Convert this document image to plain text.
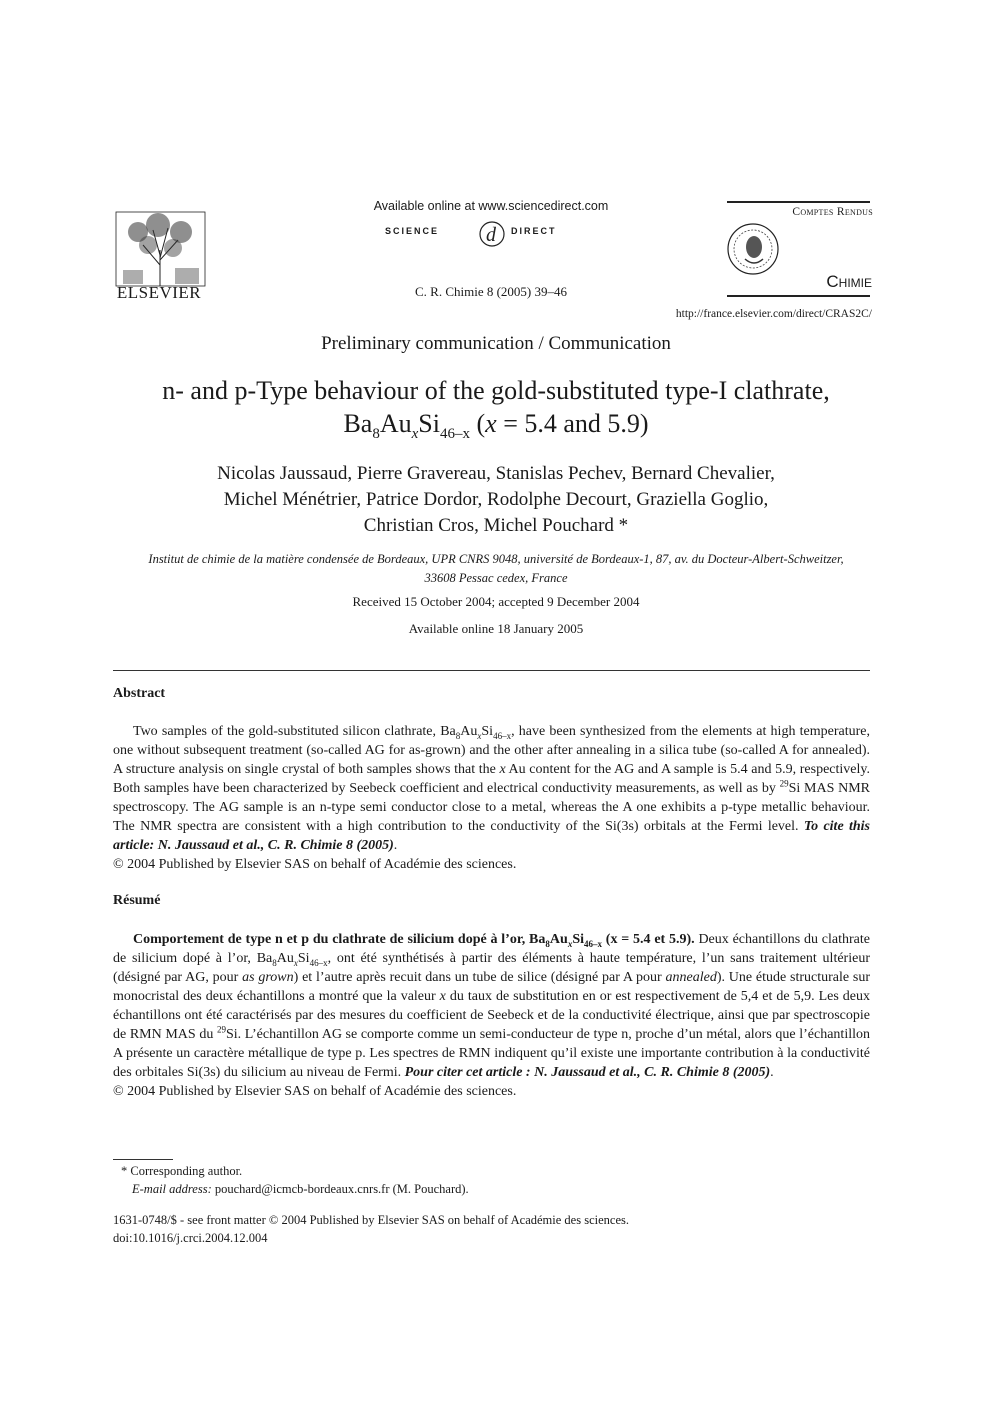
ELSEVIER
Available online at www.sciencedirect.com
SCIENCE d DIRECT
C. R. Chimie 8 (2005) 39–46
Comptes Rendus
Chimie
http://france.elsevier.com/direct/CRAS2C/
Preliminary communication / Communication
n- and p-Type behaviour of the gold-substituted type-I clathrate,
$Ba_8Au_xSi_{46-x}$ (x = 5.4 and 5.9)
Nicolas Jaussaud, Pierre Gravereau, Stanislas Pechev, Bernard Chevalier,
Michel Ménétrier, Patrice Dordor, Rodolphe Decourt, Graziella Goglio,
Christian Cros, Michel Pouchard *
Institut de chimie de la matière condensée de Bordeaux, UPR CNRS 9048, université de Bordeaux-1, 87, av. du Docteur-Albert-Schweitzer,
33608 Pessac cedex, France
Received 15 October 2004; accepted 9 December 2004
Available online 18 January 2005
Abstract

Two samples of the gold-substituted silicon clathrate, $Ba_8Au_xSi_{46-x}$, have been synthesized from the elements at high temperature, one without subsequent treatment (so-called AG for as-grown) and the other after annealing in a silica tube (so-called A for annealed). A structure analysis on single crystal of both samples shows that the x Au content for the AG and A sample is 5.4 and 5.9, respectively. Both samples have been characterized by Seebeck coefficient and electrical conductivity measurements, as well as by $^{29}$Si MAS NMR spectroscopy. The AG sample is an n-type semi conductor close to a metal, whereas the A one exhibits a p-type metallic behaviour. The NMR spectra are consistent with a high contribution to the conductivity of the Si(3s) orbitals at the Fermi level. To cite this article: N. Jaussaud et al., C. R. Chimie 8 (2005).

© 2004 Published by Elsevier SAS on behalf of Académie des sciences.

Résumé

Comportement de type n et p du clathrate de silicium dopé à l’or, $Ba_8Au_xSi_{46-x}$ (x = 5.4 et 5.9). Deux échantillons du clathrate de silicium dopé à l’or, $Ba_8Au_xSi_{46-x}$, ont été synthétisés à partir des éléments à haute température, l’un sans traitement ultérieur (désigné par AG, pour as grown) et l’autre après recuit dans un tube de silice (désigné par A pour annealed). Une étude structurale sur monocristal des deux échantillons a montré que la valeur x du taux de substitution en or est respectivement de 5,4 et de 5,9. Les deux échantillons ont été caractérisés par des mesures du coefficient de Seebeck et de la conductivité électrique, ainsi que par spectroscopie de RMN MAS du $^{29}$Si. L’échantillon AG se comporte comme un semi-conducteur de type n, proche d’un métal, alors que l’échantillon A présente un caractère métallique de type p. Les spectres de RMN indiquent qu’il existe une importante contribution à la conductivité des orbitales Si(3s) du silicium au niveau de Fermi. Pour citer cet article : N. Jaussaud et al., C. R. Chimie 8 (2005).

© 2004 Published by Elsevier SAS on behalf of Académie des sciences.

* Corresponding author.
E-mail address: pouchard@icmcb-bordeaux.cnrs.fr (M. Pouchard).
1631-0748/$ - see front matter © 2004 Published by Elsevier SAS on behalf of Académie des sciences.
doi:10.1016/j.crci.2004.12.004
